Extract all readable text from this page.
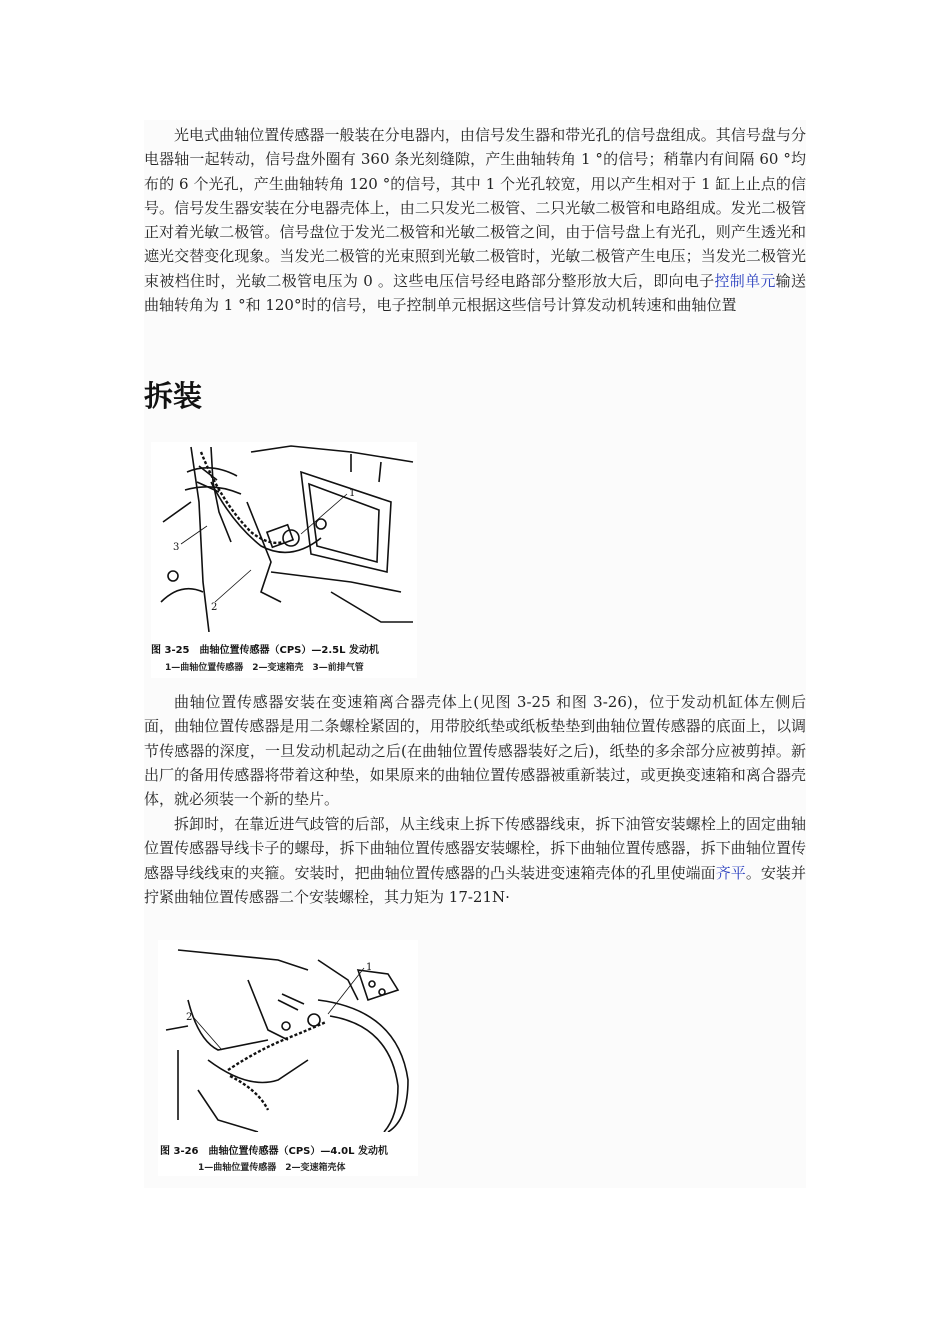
光电式曲轴位置传感器一般装在分电器内，由信号发生器和带光孔的信号盘组成。其信号盘与分电器轴一起转动，信号盘外圈有 360 条光刻缝隙，产生曲轴转角 1 °的信号；稍靠内有间隔 60 °均布的 6 个光孔，产生曲轴转角 120 °的信号，其中 1 个光孔较宽，用以产生相对于 1 缸上止点的信号。信号发生器安装在分电器壳体上，由二只发光二极管、二只光敏二极管和电路组成。发光二极管正对着光敏二极管。信号盘位于发光二极管和光敏二极管之间，由于信号盘上有光孔，则产生透光和遮光交替变化现象。当发光二极管的光束照到光敏二极管时，光敏二极管产生电压；当发光二极管光束被档住时，光敏二极管电压为 0 。这些电压信号经电路部分整形放大后，即向电子控制单元输送曲轴转角为 1 °和 120°时的信号，电子控制单元根据这些信号计算发动机转速和曲轴位置

拆装
1
2
3
图 3-25　曲轴位置传感器（CPS）—2.5L 发动机
1—曲轴位置传感器　2—变速箱壳　3—前排气管

曲轴位置传感器安装在变速箱离合器壳体上(见图 3-25 和图 3-26)，位于发动机缸体左侧后面，曲轴位置传感器是用二条螺栓紧固的，用带胶纸垫或纸板垫垫到曲轴位置传感器的底面上，以调节传感器的深度，一旦发动机起动之后(在曲轴位置传感器装好之后)，纸垫的多余部分应被剪掉。新出厂的备用传感器将带着这种垫，如果原来的曲轴位置传感器被重新装过，或更换变速箱和离合器壳体，就必须装一个新的垫片。

拆卸时，在靠近进气歧管的后部，从主线束上拆下传感器线束，拆下油管安装螺栓上的固定曲轴位置传感器导线卡子的螺母，拆下曲轴位置传感器安装螺栓，拆下曲轴位置传感器，拆下曲轴位置传感器导线线束的夹箍。安装时，把曲轴位置传感器的凸头装进变速箱壳体的孔里使端面齐平。安装并拧紧曲轴位置传感器二个安装螺栓，其力矩为 17-21N·

1
2
图 3-26　曲轴位置传感器（CPS）—4.0L 发动机
1—曲轴位置传感器　2—变速箱壳体
